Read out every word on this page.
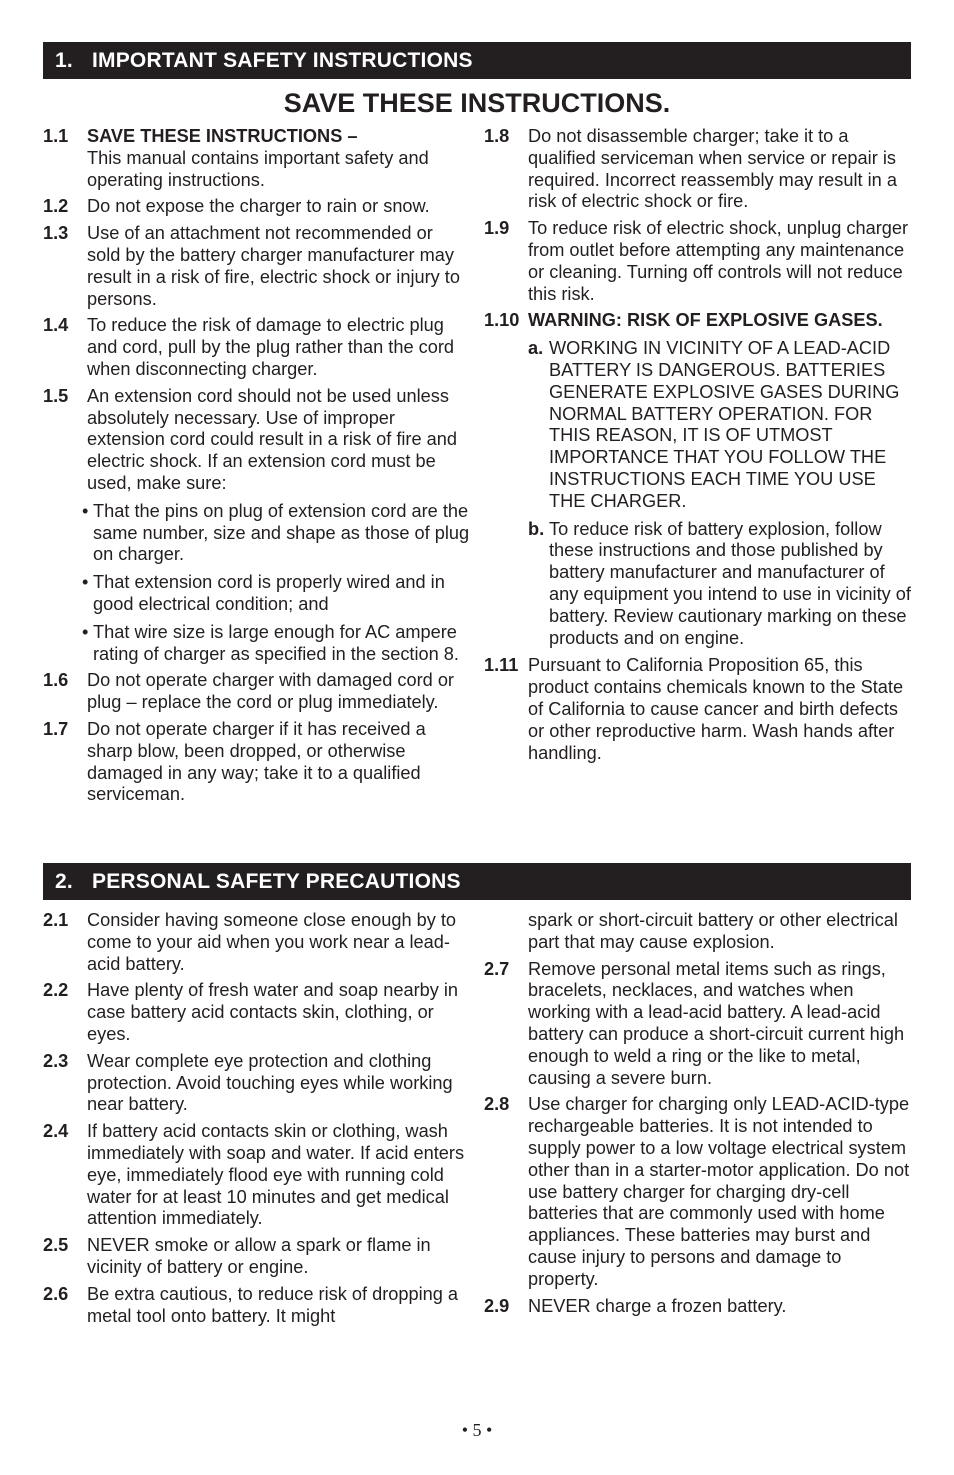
1. IMPORTANT SAFETY INSTRUCTIONS
SAVE THESE INSTRUCTIONS.
1.1 SAVE THESE INSTRUCTIONS –
This manual contains important safety and operating instructions.
1.2 Do not expose the charger to rain or snow.
1.3 Use of an attachment not recommended or sold by the battery charger manufacturer may result in a risk of fire, electric shock or injury to persons.
1.4 To reduce the risk of damage to electric plug and cord, pull by the plug rather than the cord when disconnecting charger.
1.5 An extension cord should not be used unless absolutely necessary. Use of improper extension cord could result in a risk of fire and electric shock. If an extension cord must be used, make sure:
• That the pins on plug of extension cord are the same number, size and shape as those of plug on charger.
• That extension cord is properly wired and in good electrical condition; and
• That wire size is large enough for AC ampere rating of charger as specified in the section 8.
1.6 Do not operate charger with damaged cord or plug – replace the cord or plug immediately.
1.7 Do not operate charger if it has received a sharp blow, been dropped, or otherwise damaged in any way; take it to a qualified serviceman.
1.8 Do not disassemble charger; take it to a qualified serviceman when service or repair is required. Incorrect reassembly may result in a risk of electric shock or fire.
1.9 To reduce risk of electric shock, unplug charger from outlet before attempting any maintenance or cleaning. Turning off controls will not reduce this risk.
1.10 WARNING: RISK OF EXPLOSIVE GASES.
a. WORKING IN VICINITY OF A LEAD-ACID BATTERY IS DANGEROUS. BATTERIES GENERATE EXPLOSIVE GASES DURING NORMAL BATTERY OPERATION. FOR THIS REASON, IT IS OF UTMOST IMPORTANCE THAT YOU FOLLOW THE INSTRUCTIONS EACH TIME YOU USE THE CHARGER.
b. To reduce risk of battery explosion, follow these instructions and those published by battery manufacturer and manufacturer of any equipment you intend to use in vicinity of battery. Review cautionary marking on these products and on engine.
1.11 Pursuant to California Proposition 65, this product contains chemicals known to the State of California to cause cancer and birth defects or other reproductive harm. Wash hands after handling.
2. PERSONAL SAFETY PRECAUTIONS
2.1 Consider having someone close enough by to come to your aid when you work near a lead-acid battery.
2.2 Have plenty of fresh water and soap nearby in case battery acid contacts skin, clothing, or eyes.
2.3 Wear complete eye protection and clothing protection. Avoid touching eyes while working near battery.
2.4 If battery acid contacts skin or clothing, wash immediately with soap and water. If acid enters eye, immediately flood eye with running cold water for at least 10 minutes and get medical attention immediately.
2.5 NEVER smoke or allow a spark or flame in vicinity of battery or engine.
2.6 Be extra cautious, to reduce risk of dropping a metal tool onto battery. It might
spark or short-circuit battery or other electrical part that may cause explosion.
2.7 Remove personal metal items such as rings, bracelets, necklaces, and watches when working with a lead-acid battery. A lead-acid battery can produce a short-circuit current high enough to weld a ring or the like to metal, causing a severe burn.
2.8 Use charger for charging only LEAD-ACID-type rechargeable batteries. It is not intended to supply power to a low voltage electrical system other than in a starter-motor application. Do not use battery charger for charging dry-cell batteries that are commonly used with home appliances. These batteries may burst and cause injury to persons and damage to property.
2.9 NEVER charge a frozen battery.
• 5 •
